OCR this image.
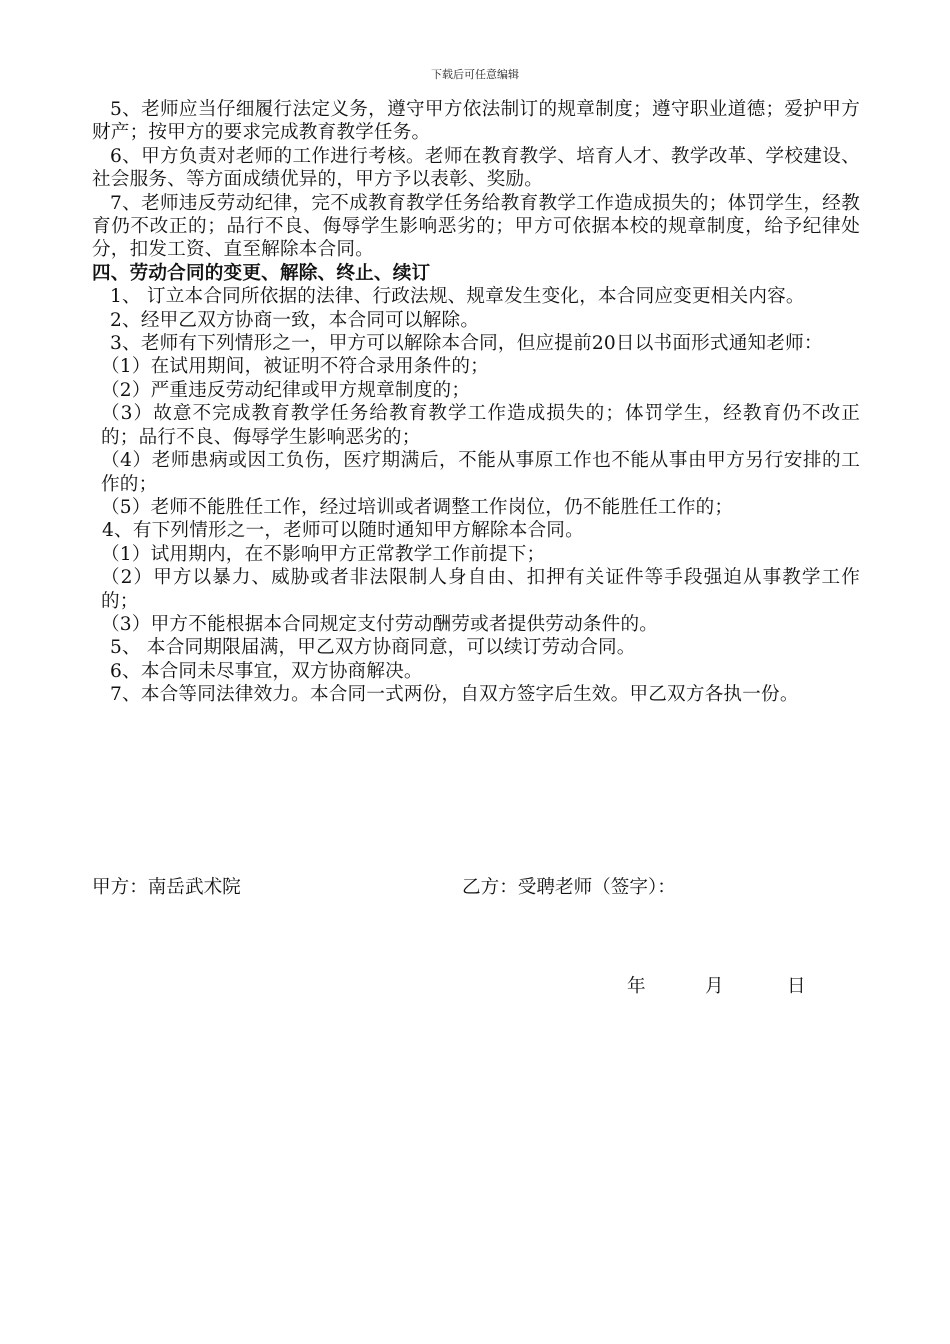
下载后可任意编辑

5、老师应当仔细履行法定义务，遵守甲方依法制订的规章制度；遵守职业道德；爱护甲方财产；按甲方的要求完成教育教学任务。

6、甲方负责对老师的工作进行考核。老师在教育教学、培育人才、教学改革、学校建设、社会服务、等方面成绩优异的，甲方予以表彰、奖励。

7、老师违反劳动纪律，完不成教育教学任务给教育教学工作造成损失的；体罚学生，经教育仍不改正的；品行不良、侮辱学生影响恶劣的；甲方可依据本校的规章制度，给予纪律处分，扣发工资、直至解除本合同。

四、劳动合同的变更、解除、终止、续订

1、 订立本合同所依据的法律、行政法规、规章发生变化，本合同应变更相关内容。

2、经甲乙双方协商一致，本合同可以解除。

3、老师有下列情形之一，甲方可以解除本合同，但应提前20日以书面形式通知老师：

（1）在试用期间，被证明不符合录用条件的；

（2）严重违反劳动纪律或甲方规章制度的；

（3）故意不完成教育教学任务给教育教学工作造成损失的；体罚学生，经教育仍不改正的；品行不良、侮辱学生影响恶劣的；

（4）老师患病或因工负伤，医疗期满后，不能从事原工作也不能从事由甲方另行安排的工作的；

（5）老师不能胜任工作，经过培训或者调整工作岗位，仍不能胜任工作的；

4、有下列情形之一，老师可以随时通知甲方解除本合同。

（1）试用期内，在不影响甲方正常教学工作前提下；

（2）甲方以暴力、威胁或者非法限制人身自由、扣押有关证件等手段强迫从事教学工作的；

（3）甲方不能根据本合同规定支付劳动酬劳或者提供劳动条件的。

5、 本合同期限届满，甲乙双方协商同意，可以续订劳动合同。

6、本合同未尽事宜，双方协商解决。

7、本合等同法律效力。本合同一式两份，自双方签字后生效。甲乙双方各执一份。

甲方：南岳武术院	乙方：受聘老师（签字）：
年	月	日
